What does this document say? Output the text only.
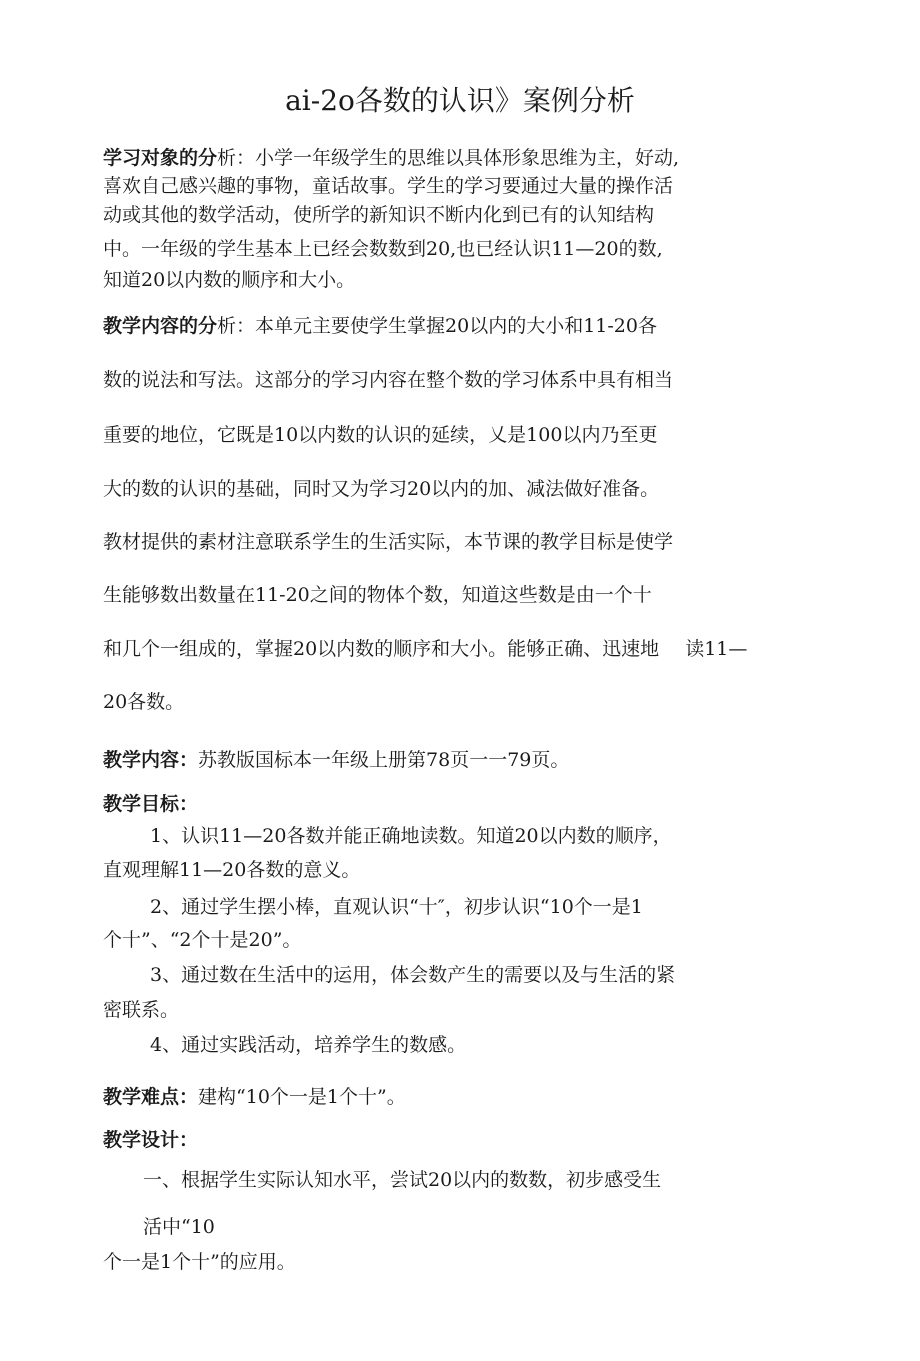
ai-2o各数的认识》案例分析
学习对象的分析：小学一年级学生的思维以具体形象思维为主，好动,
喜欢自己感兴趣的事物，童话故事。学生的学习要通过大量的操作活
动或其他的数学活动，使所学的新知识不断内化到已有的认知结构
中。一年级的学生基本上已经会数数到20,也已经认识11—20的数,
知道20以内数的顺序和大小。
教学内容的分析：本单元主要使学生掌握20以内的大小和11-20各
数的说法和写法。这部分的学习内容在整个数的学习体系中具有相当
重要的地位，它既是10以内数的认识的延续，乂是100以内乃至更
大的数的认识的基础，同时又为学习20以内的加、减法做好准备。
教材提供的素材注意联系学生的生活实际，本节课的教学目标是使学
生能够数出数量在11-20之间的物体个数，知道这些数是由一个十
和几个一组成的，掌握20以内数的顺序和大小。能够正确、迅速地 读11—
20各数。
教学内容：苏教版国标本一年级上册第78页一一79页。
教学目标：
1、认识11—20各数并能正确地读数。知道20以内数的顺序，
直观理解11—20各数的意义。
2、通过学生摆小棒，直观认识“十″，初步认识“10个一是1
个十”、“2个十是20”。
3、通过数在生活中的运用，体会数产生的需要以及与生活的紧
密联系。
4、通过实践活动，培养学生的数感。
教学难点：建构“10个一是1个十”。
教学设计：
一、根据学生实际认知水平，尝试20以内的数数，初步感受生
活中“10
个一是1个十”的应用。
